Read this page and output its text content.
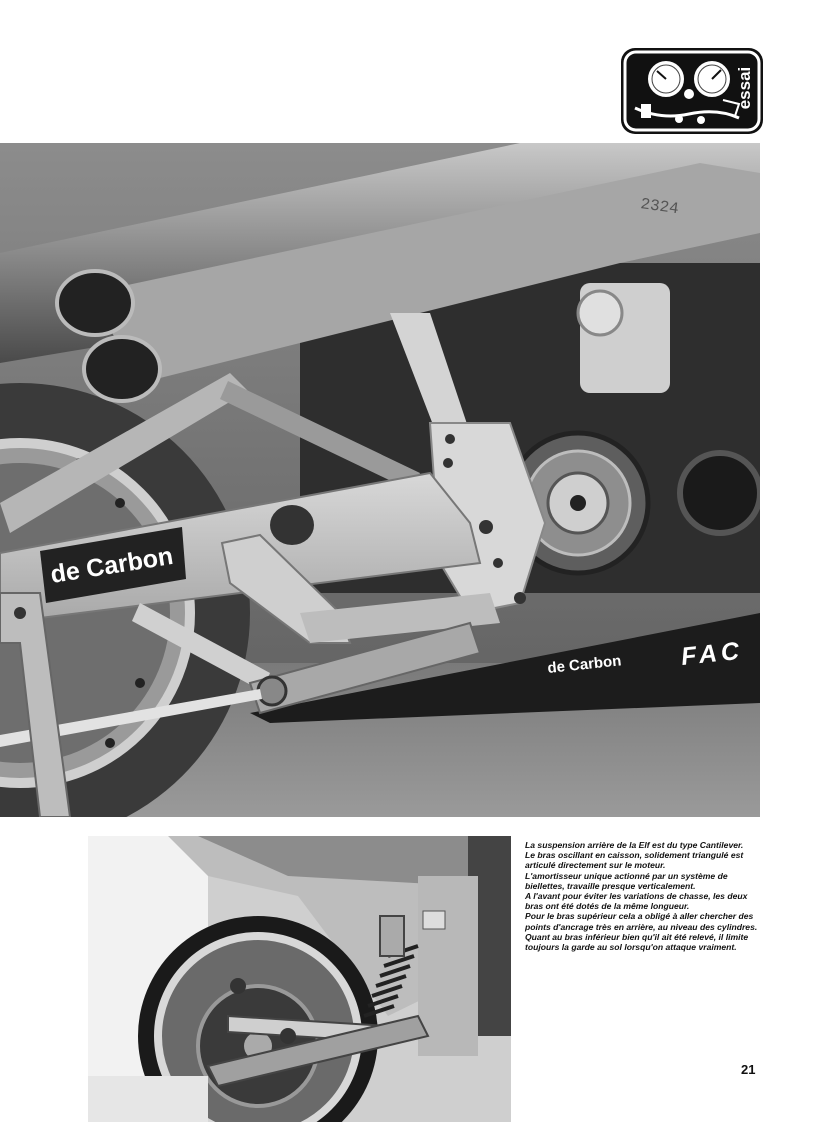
essai
2324
de Carbon
de Carbon FAC

La suspension arrière de la Elf est du type Cantilever.

Le bras oscillant en caisson, solidement triangulé est articulé directement sur le moteur.

L'amortisseur unique actionné par un système de biellettes, travaille presque verticalement.

A l'avant pour éviter les variations de chasse, les deux bras ont été dotés de la même longueur.

Pour le bras supérieur cela a obligé à aller chercher des points d'ancrage très en arrière, au niveau des cylindres.

Quant au bras inférieur bien qu'il ait été relevé, il limite toujours la garde au sol lorsqu'on attaque vraiment.

21
